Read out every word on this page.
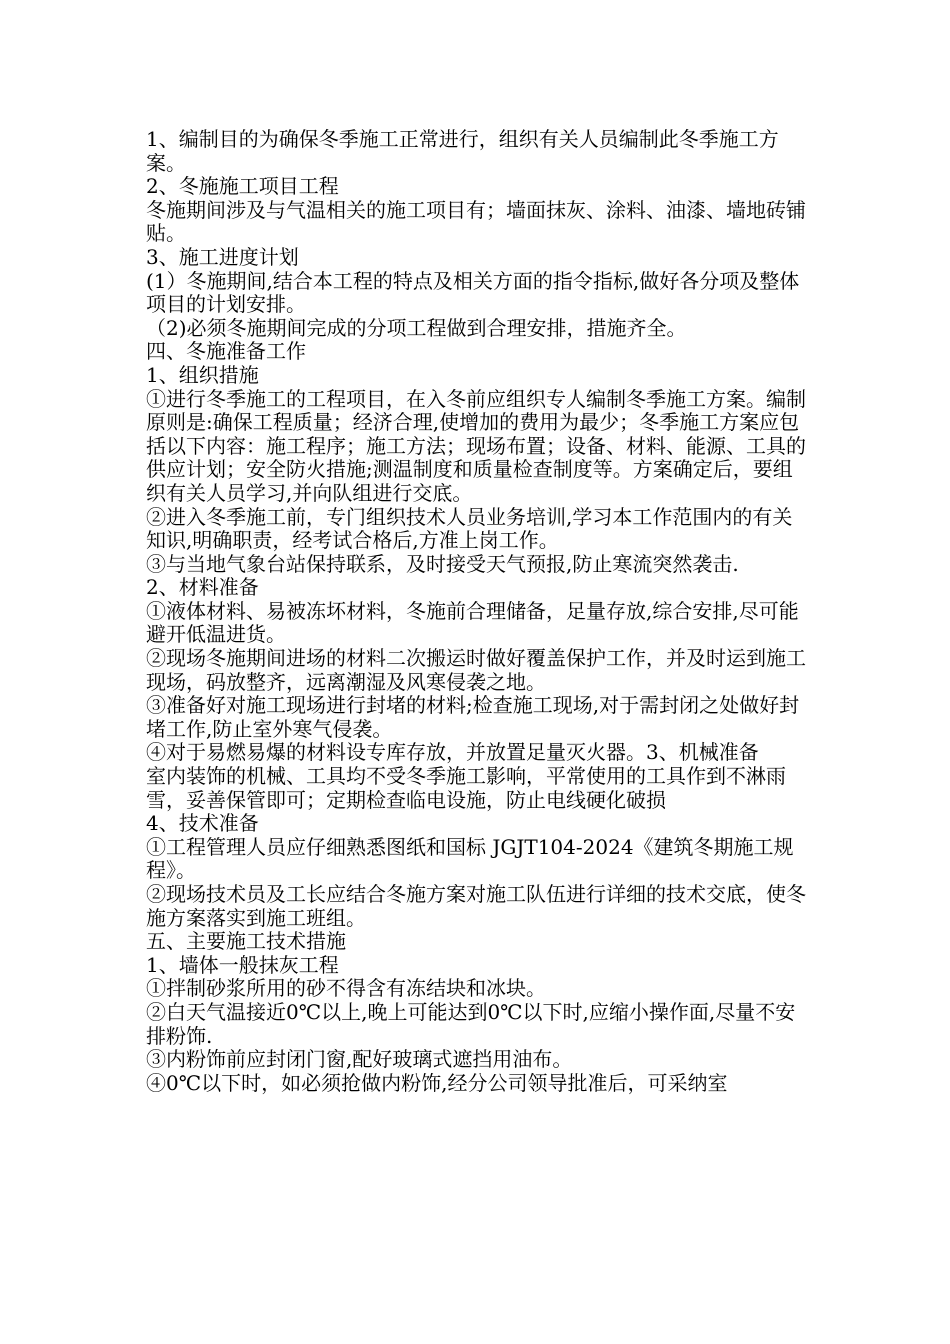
1、编制目的为确保冬季施工正常进行，组织有关人员编制此冬季施工方案。
2、冬施施工项目工程
冬施期间涉及与气温相关的施工项目有；墙面抹灰、涂料、油漆、墙地砖铺贴。
3、施工进度计划
(1）冬施期间,结合本工程的特点及相关方面的指令指标,做好各分项及整体项目的计划安排。
（2)必须冬施期间完成的分项工程做到合理安排，措施齐全。
四、冬施准备工作
1、组织措施
①进行冬季施工的工程项目，在入冬前应组织专人编制冬季施工方案。编制原则是:确保工程质量；经济合理,使增加的费用为最少；冬季施工方案应包括以下内容：施工程序；施工方法；现场布置；设备、材料、能源、工具的供应计划；安全防火措施;测温制度和质量检查制度等。方案确定后，要组织有关人员学习,并向队组进行交底。
②进入冬季施工前，专门组织技术人员业务培训,学习本工作范围内的有关知识,明确职责，经考试合格后,方准上岗工作。
③与当地气象台站保持联系，及时接受天气预报,防止寒流突然袭击.
2、材料准备
①液体材料、易被冻坏材料，冬施前合理储备，足量存放,综合安排,尽可能避开低温进货。
②现场冬施期间进场的材料二次搬运时做好覆盖保护工作，并及时运到施工现场，码放整齐，远离潮湿及风寒侵袭之地。
③准备好对施工现场进行封堵的材料;检查施工现场,对于需封闭之处做好封堵工作,防止室外寒气侵袭。
④对于易燃易爆的材料设专库存放，并放置足量灭火器。3、机械准备
室内装饰的机械、工具均不受冬季施工影响，平常使用的工具作到不淋雨雪，妥善保管即可；定期检查临电设施，防止电线硬化破损
4、技术准备
①工程管理人员应仔细熟悉图纸和国标 JGJT104-2024《建筑冬期施工规程》。
②现场技术员及工长应结合冬施方案对施工队伍进行详细的技术交底，使冬施方案落实到施工班组。
五、主要施工技术措施
1、墙体一般抹灰工程
①拌制砂浆所用的砂不得含有冻结块和冰块。
②白天气温接近0℃以上,晚上可能达到0℃以下时,应缩小操作面,尽量不安排粉饰.
③内粉饰前应封闭门窗,配好玻璃式遮挡用油布。
④0℃以下时，如必须抢做内粉饰,经分公司领导批准后，可采纳室
